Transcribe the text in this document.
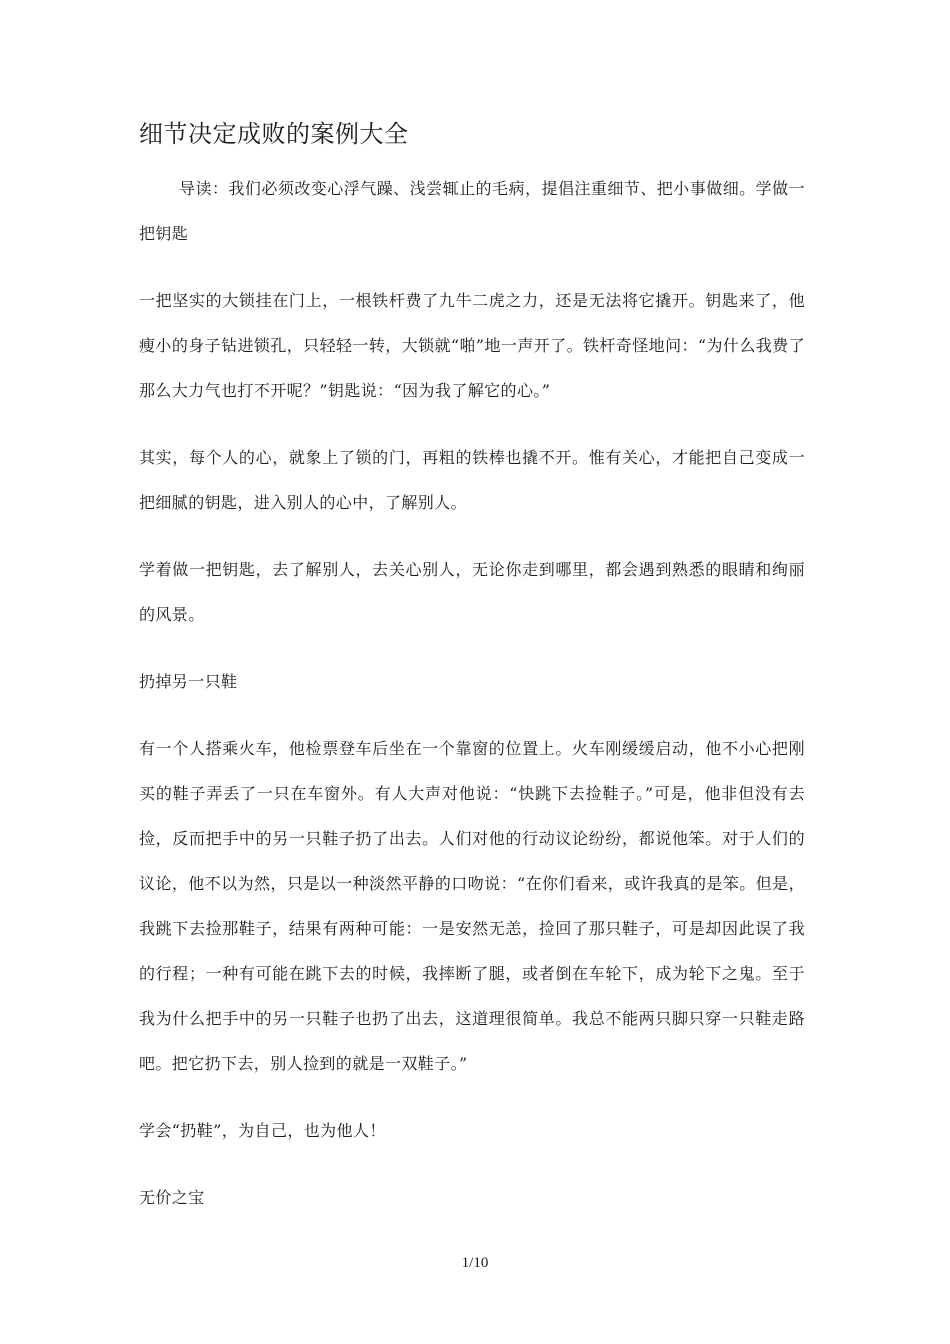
细节决定成败的案例大全

导读：我们必须改变心浮气躁、浅尝辄止的毛病，提倡注重细节、把小事做细。学做一把钥匙

一把坚实的大锁挂在门上，一根铁杆费了九牛二虎之力，还是无法将它撬开。钥匙来了，他瘦小的身子钻进锁孔，只轻轻一转，大锁就“啪”地一声开了。铁杆奇怪地问：“为什么我费了那么大力气也打不开呢？”钥匙说：“因为我了解它的心。”

其实，每个人的心，就象上了锁的门，再粗的铁棒也撬不开。惟有关心，才能把自己变成一把细腻的钥匙，进入别人的心中，了解别人。

学着做一把钥匙，去了解别人，去关心别人，无论你走到哪里，都会遇到熟悉的眼睛和绚丽的风景。

扔掉另一只鞋

有一个人搭乘火车，他检票登车后坐在一个靠窗的位置上。火车刚缓缓启动，他不小心把刚买的鞋子弄丢了一只在车窗外。有人大声对他说：“快跳下去捡鞋子。”可是，他非但没有去捡，反而把手中的另一只鞋子扔了出去。人们对他的行动议论纷纷，都说他笨。对于人们的议论，他不以为然，只是以一种淡然平静的口吻说：“在你们看来，或许我真的是笨。但是，我跳下去捡那鞋子，结果有两种可能：一是安然无恙，捡回了那只鞋子，可是却因此误了我的行程；一种有可能在跳下去的时候，我摔断了腿，或者倒在车轮下，成为轮下之鬼。至于我为什么把手中的另一只鞋子也扔了出去，这道理很简单。我总不能两只脚只穿一只鞋走路吧。把它扔下去，别人捡到的就是一双鞋子。”

学会“扔鞋”，为自己，也为他人！

无价之宝

1/10
